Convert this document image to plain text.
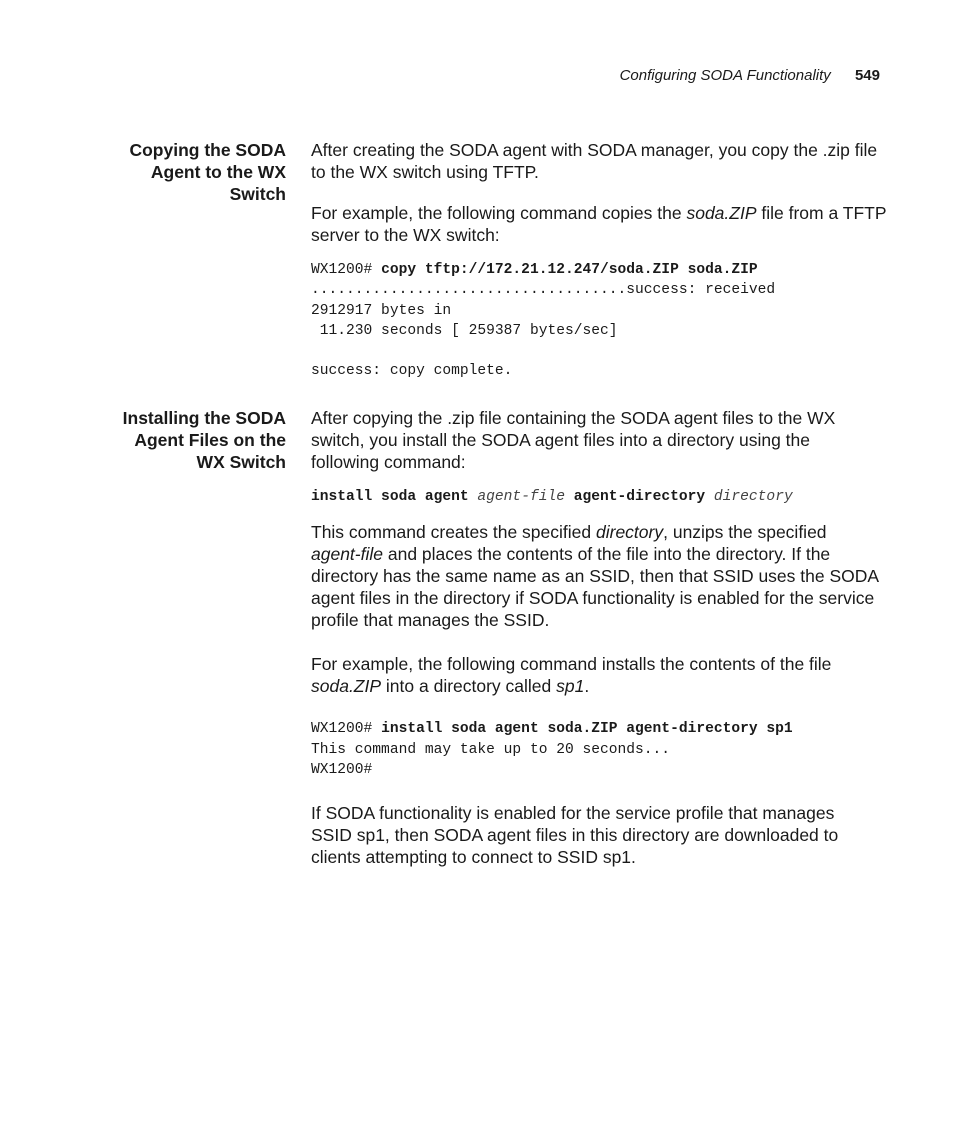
Configuring SODA Functionality 549
Copying the SODA
Agent to the WX
Switch

After creating the SODA agent with SODA manager, you copy the .zip file
to the WX switch using TFTP.

For example, the following command copies the soda.ZIP file from a TFTP
server to the WX switch:

WX1200# copy tftp://172.21.12.247/soda.ZIP soda.ZIP
....................................success: received
2912917 bytes in
11.230 seconds [ 259387 bytes/sec]
success: copy complete.
Installing the SODA
Agent Files on the
WX Switch

After copying the .zip file containing the SODA agent files to the WX
switch, you install the SODA agent files into a directory using the
following command:

install soda agent agent-file agent-directory directory

This command creates the specified directory, unzips the specified
agent-file and places the contents of the file into the directory. If the
directory has the same name as an SSID, then that SSID uses the SODA
agent files in the directory if SODA functionality is enabled for the service
profile that manages the SSID.

For example, the following command installs the contents of the file
soda.ZIP into a directory called sp1.

WX1200# install soda agent soda.ZIP agent-directory sp1
This command may take up to 20 seconds...
WX1200#

If SODA functionality is enabled for the service profile that manages
SSID sp1, then SODA agent files in this directory are downloaded to
clients attempting to connect to SSID sp1.
